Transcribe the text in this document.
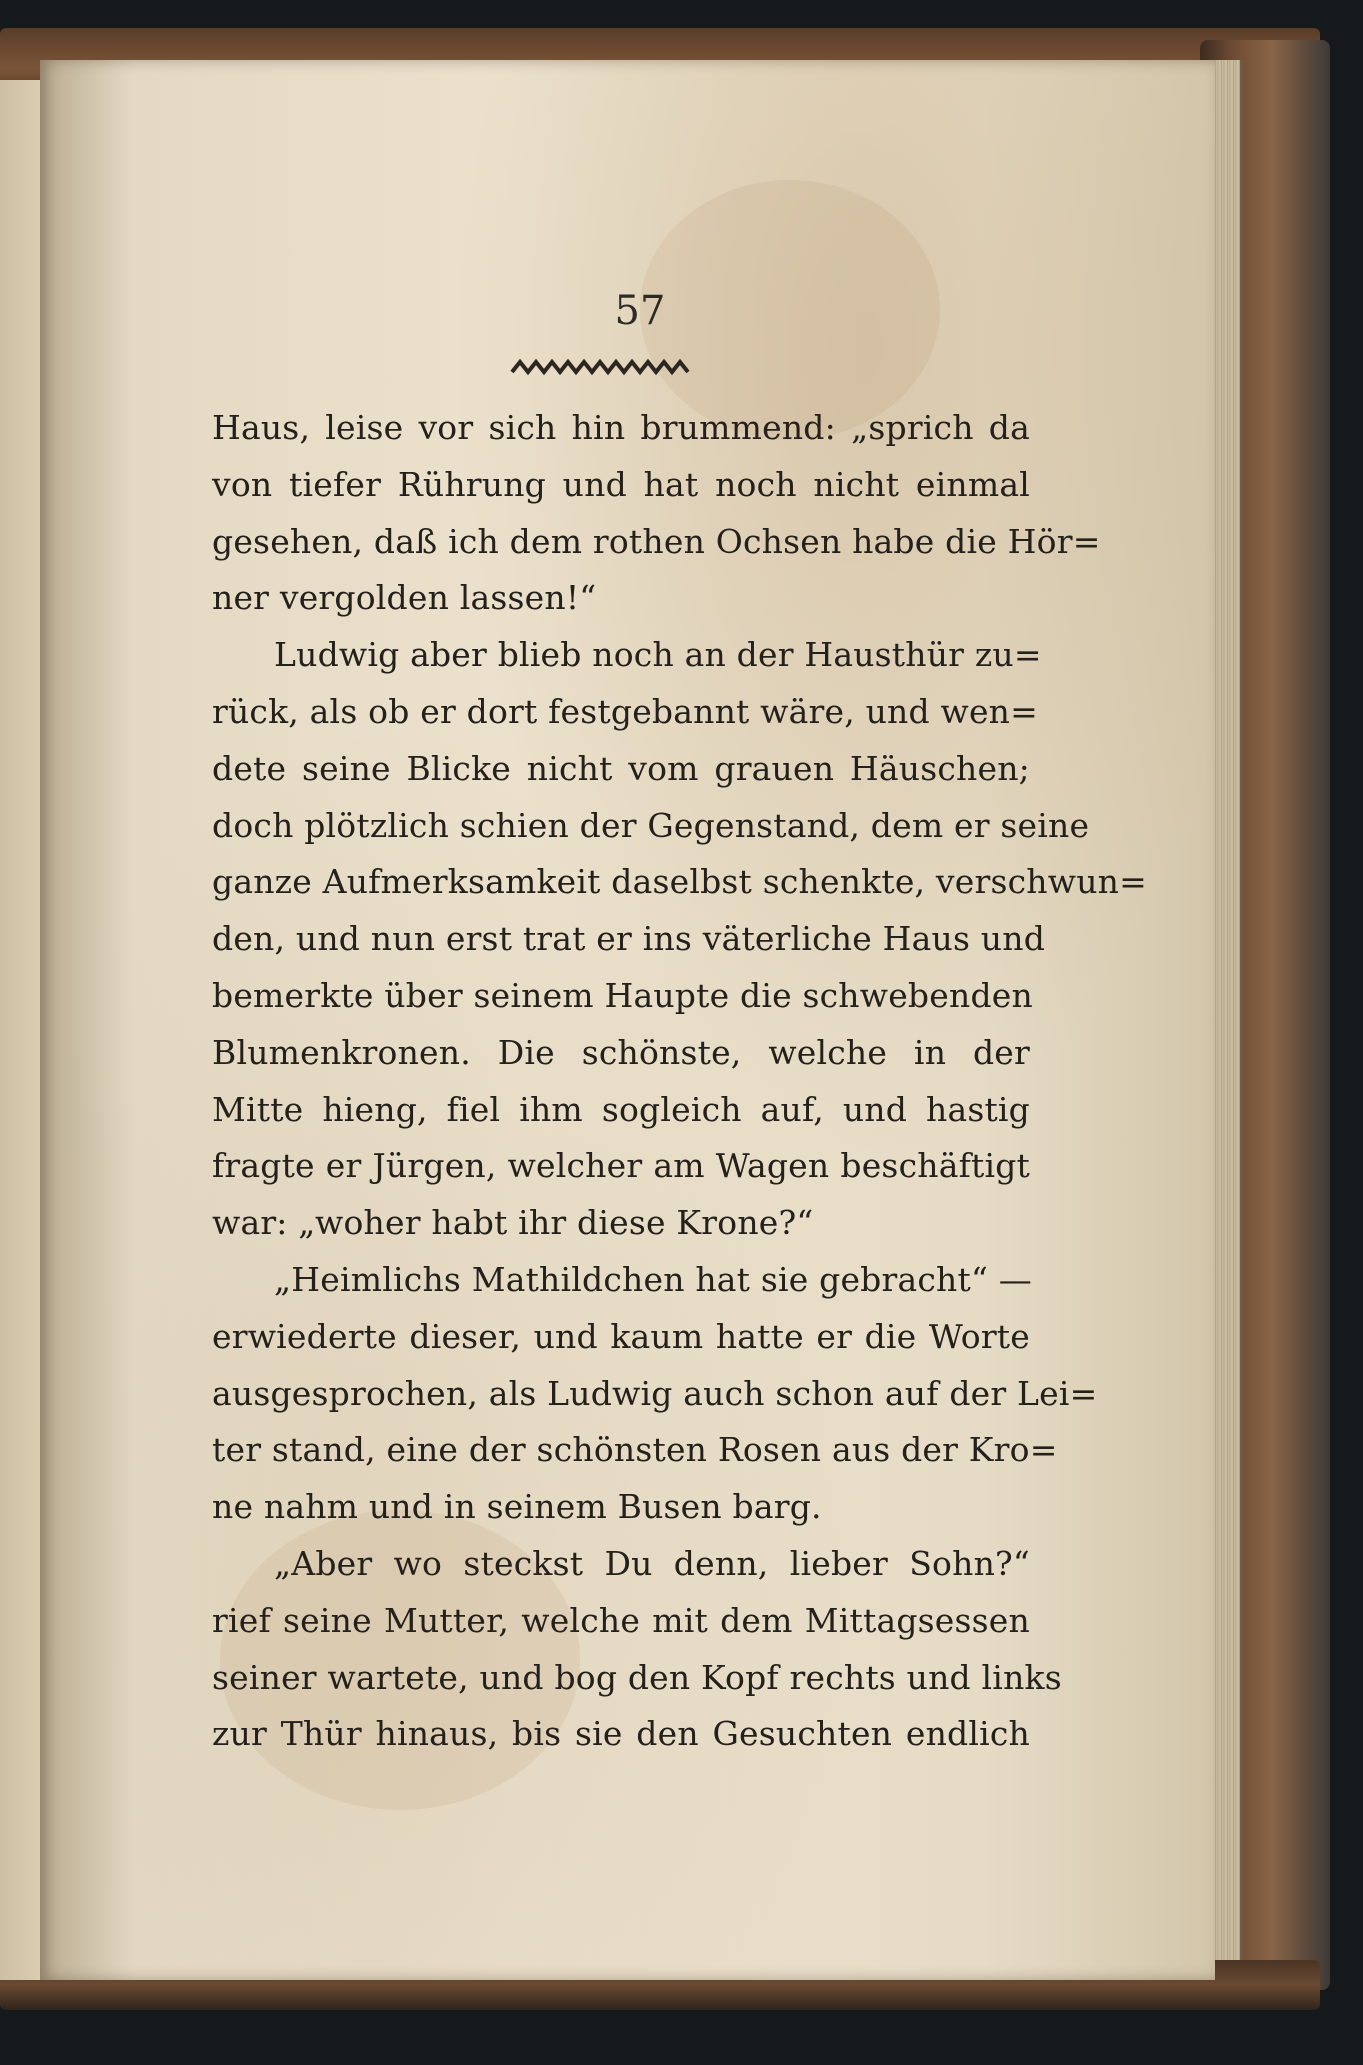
57

Haus, leise vor sich hin brummend: „sprich da
von tiefer Rührung und hat noch nicht einmal
gesehen, daß ich dem rothen Ochsen habe die Hör=
ner vergolden lassen!“
Ludwig aber blieb noch an der Hausthür zu=
rück, als ob er dort festgebannt wäre, und wen=
dete seine Blicke nicht vom grauen Häuschen;
doch plötzlich schien der Gegenstand, dem er seine
ganze Aufmerksamkeit daselbst schenkte, verschwun=
den, und nun erst trat er ins väterliche Haus und
bemerkte über seinem Haupte die schwebenden
Blumenkronen. Die schönste, welche in der
Mitte hieng, fiel ihm sogleich auf, und hastig
fragte er Jürgen, welcher am Wagen beschäftigt
war: „woher habt ihr diese Krone?“
„Heimlichs Mathildchen hat sie gebracht“ —
erwiederte dieser, und kaum hatte er die Worte
ausgesprochen, als Ludwig auch schon auf der Lei=
ter stand, eine der schönsten Rosen aus der Kro=
ne nahm und in seinem Busen barg.
„Aber wo steckst Du denn, lieber Sohn?“
rief seine Mutter, welche mit dem Mittagsessen
seiner wartete, und bog den Kopf rechts und links
zur Thür hinaus, bis sie den Gesuchten endlich
